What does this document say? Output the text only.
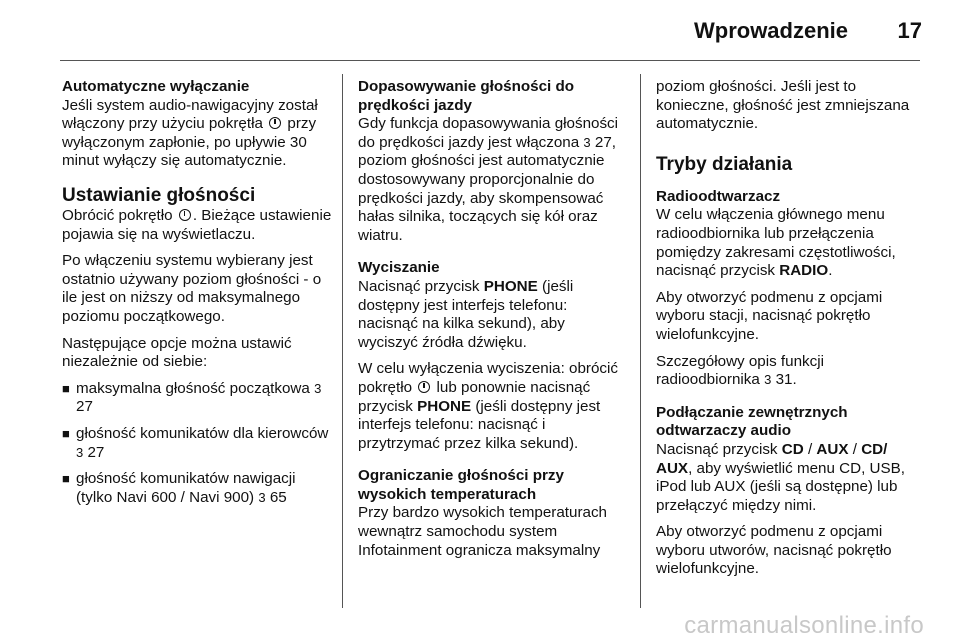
Wprowadzenie 17

Automatyczne wyłączanie

Jeśli system audio-nawigacyjny został włączony przy użyciu pokrętła przy wyłączonym zapłonie, po upływie 30 minut wyłączy się automatycznie.

Ustawianie głośności

Obrócić pokrętło . Bieżące ustawienie pojawia się na wyświetlaczu.

Po włączeniu systemu wybierany jest ostatnio używany poziom głośności - o ile jest on niższy od maksymalnego poziomu początkowego.

Następujące opcje można ustawić niezależnie od siebie:

■ maksymalna głośność początkowa 3 27
■ głośność komunikatów dla kierowców 3 27
■ głośność komunikatów nawigacji (tylko Navi 600 / Navi 900) 3 65

Dopasowywanie głośności do prędkości jazdy

Gdy funkcja dopasowywania głośności do prędkości jazdy jest włączona 3 27, poziom głośności jest automatycznie dostosowywany proporcjonalnie do prędkości jazdy, aby skompensować hałas silnika, toczących się kół oraz wiatru.

Wyciszanie

Nacisnąć przycisk PHONE (jeśli dostępny jest interfejs telefonu: nacisnąć na kilka sekund), aby wyciszyć źródła dźwięku.

W celu wyłączenia wyciszenia: obrócić pokrętło lub ponownie nacisnąć przycisk PHONE (jeśli dostępny jest interfejs telefonu: nacisnąć i przytrzymać przez kilka sekund).

Ograniczanie głośności przy wysokich temperaturach

Przy bardzo wysokich temperaturach wewnątrz samochodu system Infotainment ogranicza maksymalny

poziom głośności. Jeśli jest to konieczne, głośność jest zmniejszana automatycznie.

Tryby działania

Radioodtwarzacz

W celu włączenia głównego menu radioodbiornika lub przełączenia pomiędzy zakresami częstotliwości, nacisnąć przycisk RADIO.

Aby otworzyć podmenu z opcjami wyboru stacji, nacisnąć pokrętło wielofunkcyjne.

Szczegółowy opis funkcji radioodbiornika 3 31.

Podłączanie zewnętrznych odtwarzaczy audio

Nacisnąć przycisk CD / AUX / CD/ AUX, aby wyświetlić menu CD, USB, iPod lub AUX (jeśli są dostępne) lub przełączyć między nimi.

Aby otworzyć podmenu z opcjami wyboru utworów, nacisnąć pokrętło wielofunkcyjne.

carmanualsonline.info
